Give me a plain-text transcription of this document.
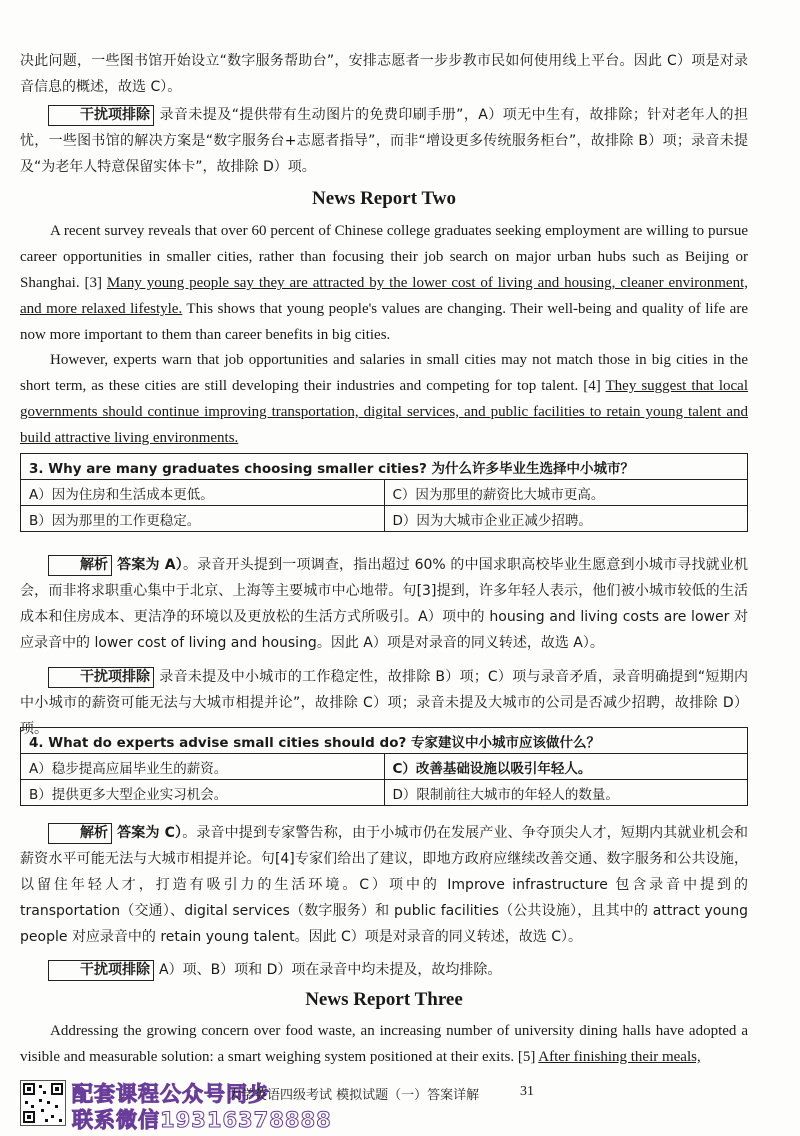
决此问题，一些图书馆开始设立“数字服务帮助台”，安排志愿者一步步教市民如何使用线上平台。因此 C）项是对录音信息的概述，故选 C）。
干扰项排除 录音未提及“提供带有生动图片的免费印刷手册”，A）项无中生有，故排除；针对老年人的担忧，一些图书馆的解决方案是“数字服务台+志愿者指导”，而非“增设更多传统服务柜台”，故排除 B）项；录音未提及“为老年人特意保留实体卡”，故排除 D）项。
News Report Two
A recent survey reveals that over 60 percent of Chinese college graduates seeking employment are willing to pursue career opportunities in smaller cities, rather than focusing their job search on major urban hubs such as Beijing or Shanghai. [3] Many young people say they are attracted by the lower cost of living and housing, cleaner environment, and more relaxed lifestyle. This shows that young people's values are changing. Their well-being and quality of life are now more important to them than career benefits in big cities.
However, experts warn that job opportunities and salaries in small cities may not match those in big cities in the short term, as these cities are still developing their industries and competing for top talent. [4] They suggest that local governments should continue improving transportation, digital services, and public facilities to retain young talent and build attractive living environments.
3. Why are many graduates choosing smaller cities? 为什么许多毕业生选择中小城市？	
A）因为住房和生活成本更低。	C）因为那里的薪资比大城市更高。
B）因为那里的工作更稳定。	D）因为大城市企业正减少招聘。
解析 答案为 A）。录音开头提到一项调查，指出超过 60% 的中国求职高校毕业生愿意到小城市寻找就业机会，而非将求职重心集中于北京、上海等主要城市中心地带。句[3]提到，许多年轻人表示，他们被小城市较低的生活成本和住房成本、更洁净的环境以及更放松的生活方式所吸引。A）项中的 housing and living costs are lower 对应录音中的 lower cost of living and housing。因此 A）项是对录音的同义转述，故选 A）。
干扰项排除 录音未提及中小城市的工作稳定性，故排除 B）项；C）项与录音矛盾，录音明确提到“短期内中小城市的薪资可能无法与大城市相提并论”，故排除 C）项；录音未提及大城市的公司是否减少招聘，故排除 D）项。
4. What do experts advise small cities should do? 专家建议中小城市应该做什么？	
A）稳步提高应届毕业生的薪资。	C）改善基础设施以吸引年轻人。
B）提供更多大型企业实习机会。	D）限制前往大城市的年轻人的数量。
解析 答案为 C）。录音中提到专家警告称，由于小城市仍在发展产业、争夺顶尖人才，短期内其就业机会和薪资水平可能无法与大城市相提并论。句[4]专家们给出了建议，即地方政府应继续改善交通、数字服务和公共设施，以留住年轻人才，打造有吸引力的生活环境。C）项中的 Improve infrastructure 包含录音中提到的 transportation（交通）、digital services（数字服务）和 public facilities（公共设施），且其中的 attract young people 对应录音中的 retain young talent。因此 C）项是对录音的同义转述，故选 C）。
干扰项排除 A）项、B）项和 D）项在录音中均未提及，故均排除。
News Report Three
Addressing the growing concern over food waste, an increasing number of university dining halls have adopted a visible and measurable solution: a smart weighing system positioned at their exits. [5] After finishing their meals,
配套课程公众号同步
联系微信19316378888
大学英语四级考试 模拟试题（一）答案详解	31
